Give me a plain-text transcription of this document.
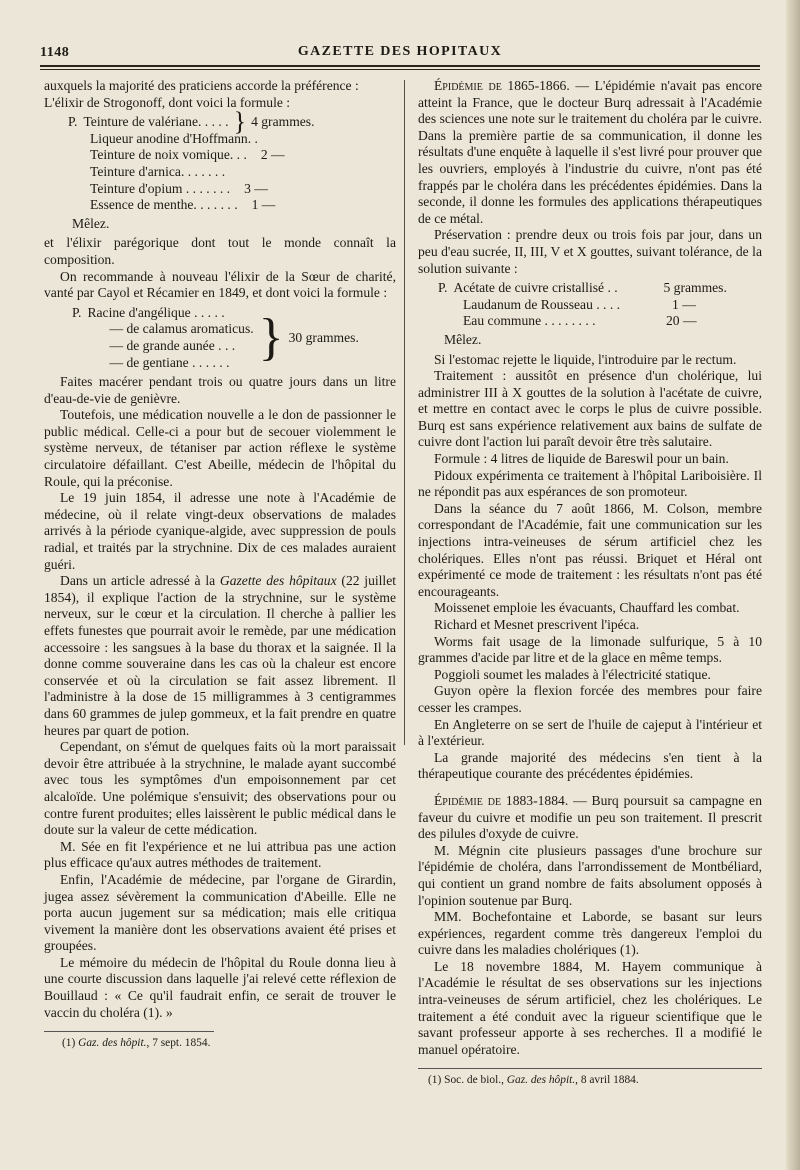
1148	GAZETTE DES HOPITAUX

auxquels la majorité des praticiens accorde la préférence :

L'élixir de Strogonoff, dont voici la formule :

P. Teinture de valériane. . . . . } 4 grammes.
Liqueur anodine d'Hoffmann. .
Teinture de noix vomique. . .	2 —
Teinture d'arnica. . . . . . .
Teinture d'opium . . . . . . .	3 —
Essence de menthe. . . . . . .	1 —
Mêlez.

et l'élixir parégorique dont tout le monde connaît la composition.

On recommande à nouveau l'élixir de la Sœur de charité, vanté par Cayol et Récamier en 1849, et dont voici la formule :

P. Racine d'angélique . . . . .
— de calamus aromaticus.
— de grande aunée . . .
— de gentiane . . . . . . } 30 grammes.

Faites macérer pendant trois ou quatre jours dans un litre d'eau-de-vie de genièvre.

Toutefois, une médication nouvelle a le don de passionner le public médical. Celle-ci a pour but de secouer violemment le système nerveux, de tétaniser par action réflexe le système circulatoire défaillant. C'est Abeille, médecin de l'hôpital du Roule, qui la préconise.

Le 19 juin 1854, il adresse une note à l'Académie de médecine, où il relate vingt-deux observations de malades arrivés à la période cyanique-algide, avec suppression de pouls radial, et traités par la strychnine. Dix de ces malades auraient guéri.

Dans un article adressé à la Gazette des hôpitaux (22 juillet 1854), il explique l'action de la strychnine, sur le système nerveux, sur le cœur et la circulation. Il cherche à pallier les effets funestes que pourrait avoir le remède, par une médication accessoire : les sangsues à la base du thorax et la saignée. Il la donne comme souveraine dans les cas où la chaleur est encore conservée et où la circulation se fait assez librement. Il l'administre à la dose de 15 milligrammes à 3 centigrammes dans 60 grammes de julep gommeux, et la fait prendre en quatre heures par quart de potion.

Cependant, on s'émut de quelques faits où la mort paraissait devoir être attribuée à la strychnine, le malade ayant succombé avec tous les symptômes d'un empoisonnement par cet alcaloïde. Une polémique s'ensuivit; des observations pour ou contre furent produites; elles laissèrent le public médical dans le doute sur la valeur de cette médication.

M. Sée en fit l'expérience et ne lui attribua pas une action plus efficace qu'aux autres méthodes de traitement.

Enfin, l'Académie de médecine, par l'organe de Girardin, jugea assez sévèrement la communication d'Abeille. Elle ne porta aucun jugement sur sa médication; mais elle critiqua vivement la manière dont les observations avaient été prises et groupées.

Le mémoire du médecin de l'hôpital du Roule donna lieu à une courte discussion dans laquelle j'ai relevé cette réflexion de Bouillaud : « Ce qu'il faudrait enfin, ce serait de trouver le vaccin du choléra (1). »

(1) Gaz. des hôpit., 7 sept. 1854.

Épidémie de 1865-1866. — L'épidémie n'avait pas encore atteint la France, que le docteur Burq adressait à l'Académie des sciences une note sur le traitement du choléra par le cuivre. Dans la première partie de sa communication, il donne les résultats d'une enquête à laquelle il s'est livré pour prouver que les ouvriers, employés à l'industrie du cuivre, n'ont pas été frappés par le choléra dans les précédentes épidémies. Dans la seconde, il donne les formules des applications thérapeutiques de ce métal.

Préservation : prendre deux ou trois fois par jour, dans un peu d'eau sucrée, II, III, V et X gouttes, suivant tolérance, de la solution suivante :

P. Acétate de cuivre cristallisé . .	5 grammes.
Laudanum de Rousseau . . . .	1 —
Eau commune . . . . . . . .	20 —
Mêlez.

Si l'estomac rejette le liquide, l'introduire par le rectum.

Traitement : aussitôt en présence d'un cholérique, lui administrer III à X gouttes de la solution à l'acétate de cuivre, et mettre en contact avec le corps le plus de cuivre possible. Burq est sans expérience relativement aux bains de sulfate de cuivre dont l'action lui paraît devoir être très salutaire.

Formule : 4 litres de liquide de Bareswil pour un bain.

Pidoux expérimenta ce traitement à l'hôpital Lariboisière. Il ne répondit pas aux espérances de son promoteur.

Dans la séance du 7 août 1866, M. Colson, membre correspondant de l'Académie, fait une communication sur les injections intra-veineuses de sérum artificiel chez les cholériques. Elles n'ont pas réussi. Briquet et Héral ont expérimenté ce mode de traitement : les résultats n'ont pas été encourageants.

Moissenet emploie les évacuants, Chauffard les combat.

Richard et Mesnet prescrivent l'ipéca.

Worms fait usage de la limonade sulfurique, 5 à 10 grammes d'acide par litre et de la glace en même temps.

Poggioli soumet les malades à l'électricité statique.

Guyon opère la flexion forcée des membres pour faire cesser les crampes.

En Angleterre on se sert de l'huile de cajeput à l'intérieur et à l'extérieur.

La grande majorité des médecins s'en tient à la thérapeutique courante des précédentes épidémies.

Épidémie de 1883-1884. — Burq poursuit sa campagne en faveur du cuivre et modifie un peu son traitement. Il prescrit des pilules d'oxyde de cuivre.

M. Mégnin cite plusieurs passages d'une brochure sur l'épidémie de choléra, dans l'arrondissement de Montbéliard, qui contient un grand nombre de faits absolument opposés à l'opinion soutenue par Burq.

MM. Bochefontaine et Laborde, se basant sur leurs expériences, regardent comme très dangereux l'emploi du cuivre dans les maladies cholériques (1).

Le 18 novembre 1884, M. Hayem communique à l'Académie le résultat de ses observations sur les injections intra-veineuses de sérum artificiel, chez les cholériques. Le traitement a été conduit avec la rigueur scientifique que le savant professeur apporte à ses recherches. Il a modifié le manuel opératoire.

(1) Soc. de biol., Gaz. des hôpit., 8 avril 1884.
